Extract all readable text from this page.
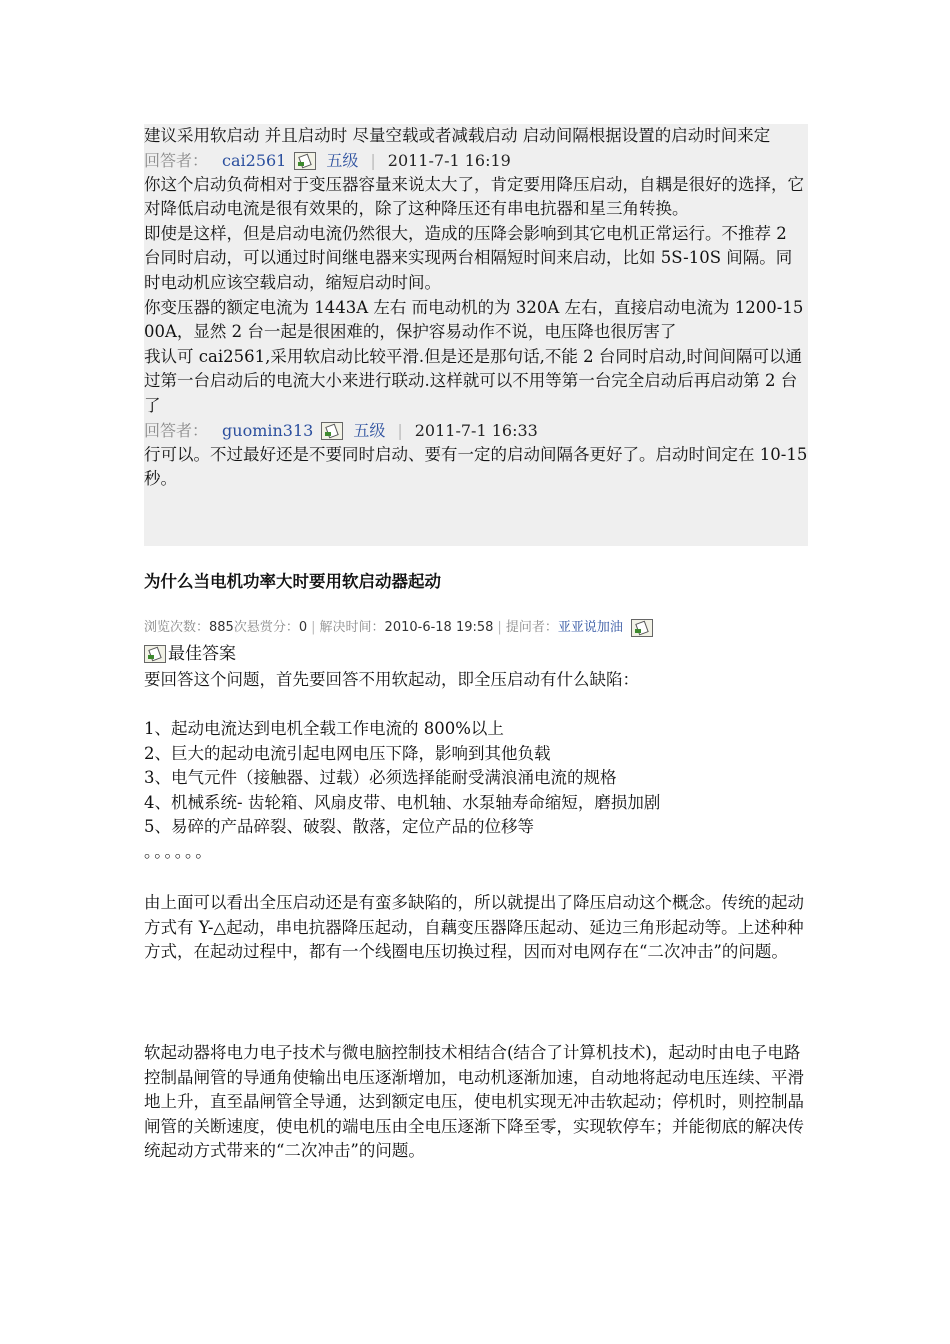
建议采用软启动 并且启动时 尽量空载或者减载启动 启动间隔根据设置的启动时间来定

回答者： cai2561	五级 | 2011-7-1 16:19

你这个启动负荷相对于变压器容量来说太大了，肯定要用降压启动，自耦是很好的选择，它对降低启动电流是很有效果的，除了这种降压还有串电抗器和星三角转换。
即使是这样，但是启动电流仍然很大，造成的压降会影响到其它电机正常运行。不推荐 2 台同时启动，可以通过时间继电器来实现两台相隔短时间来启动，比如 5S-10S 间隔。同时电动机应该空载启动，缩短启动时间。
你变压器的额定电流为 1443A 左右 而电动机的为 320A 左右，直接启动电流为 1200-1500A，显然 2 台一起是很困难的，保护容易动作不说，电压降也很厉害了
我认可 cai2561,采用软启动比较平滑.但是还是那句话,不能 2 台同时启动,时间间隔可以通过第一台启动后的电流大小来进行联动.这样就可以不用等第一台完全启动后再启动第 2 台了

回答者： guomin313	五级 | 2011-7-1 16:33

行可以。不过最好还是不要同时启动、要有一定的启动间隔各更好了。启动时间定在 10-15 秒。

为什么当电机功率大时要用软启动器起动
浏览次数： 885 次悬赏分： 0 | 解决时间： 2010-6-18 19:58 | 提问者： 亚亚说加油
最佳答案

要回答这个问题，首先要回答不用软起动，即全压启动有什么缺陷：

1、起动电流达到电机全载工作电流的 800%以上

2、巨大的起动电流引起电网电压下降，影响到其他负载

3、电气元件（接触器、过载）必须选择能耐受满浪涌电流的规格

4、机械系统- 齿轮箱、风扇皮带、电机轴、水泵轴寿命缩短，磨损加剧

5、易碎的产品碎裂、破裂、散落，定位产品的位移等

。。。。。。

由上面可以看出全压启动还是有蛮多缺陷的，所以就提出了降压启动这个概念。传统的起动方式有 Y-△起动，串电抗器降压起动，自藕变压器降压起动、延边三角形起动等。上述种种方式，在起动过程中，都有一个线圈电压切换过程，因而对电网存在“二次冲击”的问题。

软起动器将电力电子技术与微电脑控制技术相结合(结合了计算机技术)，起动时由电子电路控制晶闸管的导通角使输出电压逐渐增加，电动机逐渐加速，自动地将起动电压连续、平滑地上升，直至晶闸管全导通，达到额定电压，使电机实现无冲击软起动；停机时，则控制晶闸管的关断速度，使电机的端电压由全电压逐渐下降至零，实现软停车；并能彻底的解决传统起动方式带来的“二次冲击”的问题。
